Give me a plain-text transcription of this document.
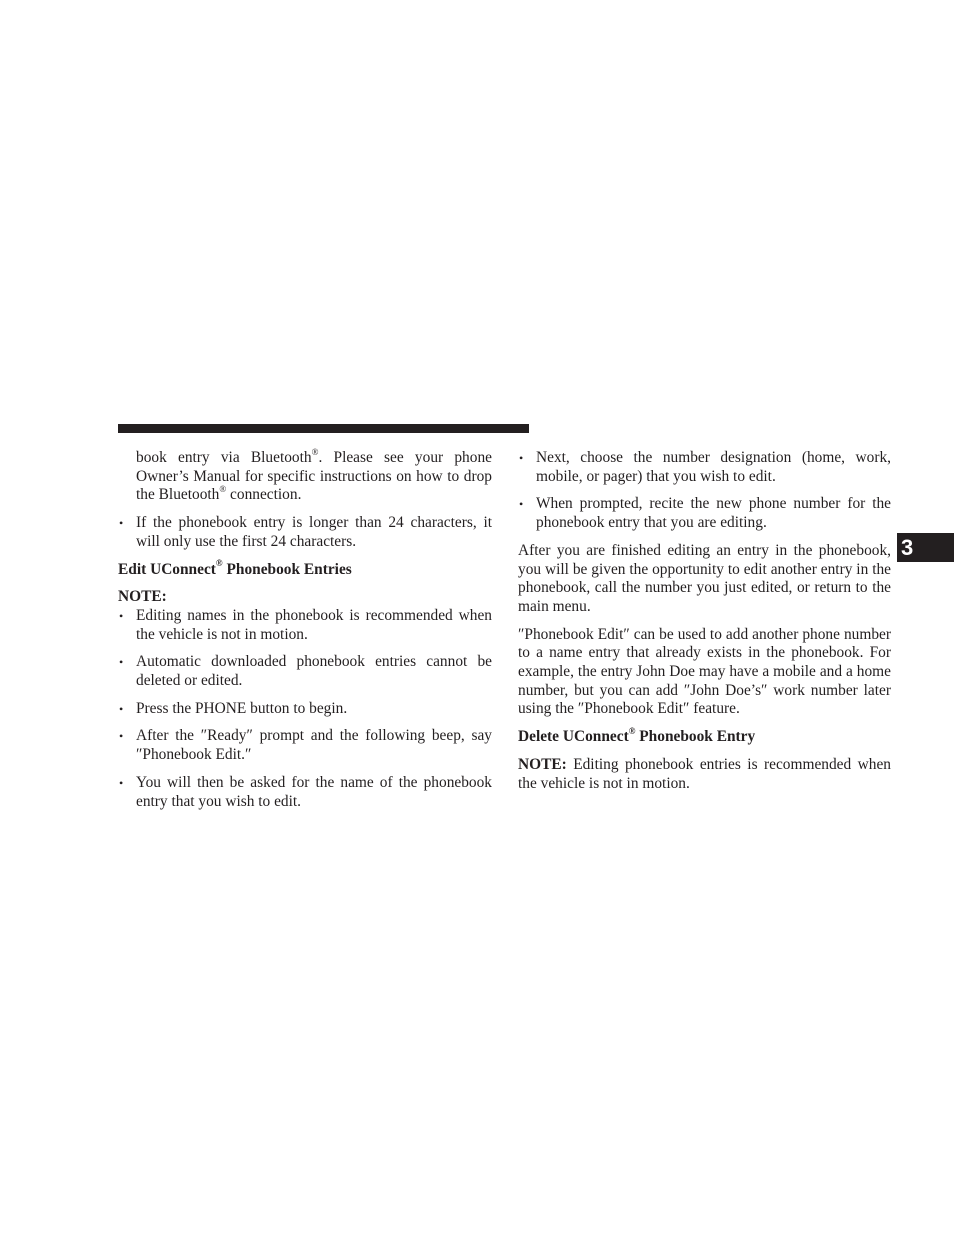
book entry via Bluetooth®. Please see your phone Owner’s Manual for specific instructions on how to drop the Bluetooth® connection.

• If the phonebook entry is longer than 24 characters, it will only use the first 24 characters.

Edit UConnect® Phonebook Entries

NOTE:

• Editing names in the phonebook is recommended when the vehicle is not in motion.

• Automatic downloaded phonebook entries cannot be deleted or edited.

• Press the PHONE button to begin.

• After the ″Ready″ prompt and the following beep, say ″Phonebook Edit.″

• You will then be asked for the name of the phonebook entry that you wish to edit.

• Next, choose the number designation (home, work, mobile, or pager) that you wish to edit.

• When prompted, recite the new phone number for the phonebook entry that you are editing.

After you are finished editing an entry in the phonebook, you will be given the opportunity to edit another entry in the phonebook, call the number you just edited, or return to the main menu.

″Phonebook Edit″ can be used to add another phone number to a name entry that already exists in the phonebook. For example, the entry John Doe may have a mobile and a home number, but you can add ″John Doe’s″ work number later using the ″Phonebook Edit″ feature.

Delete UConnect® Phonebook Entry

NOTE: Editing phonebook entries is recommended when the vehicle is not in motion.

3
